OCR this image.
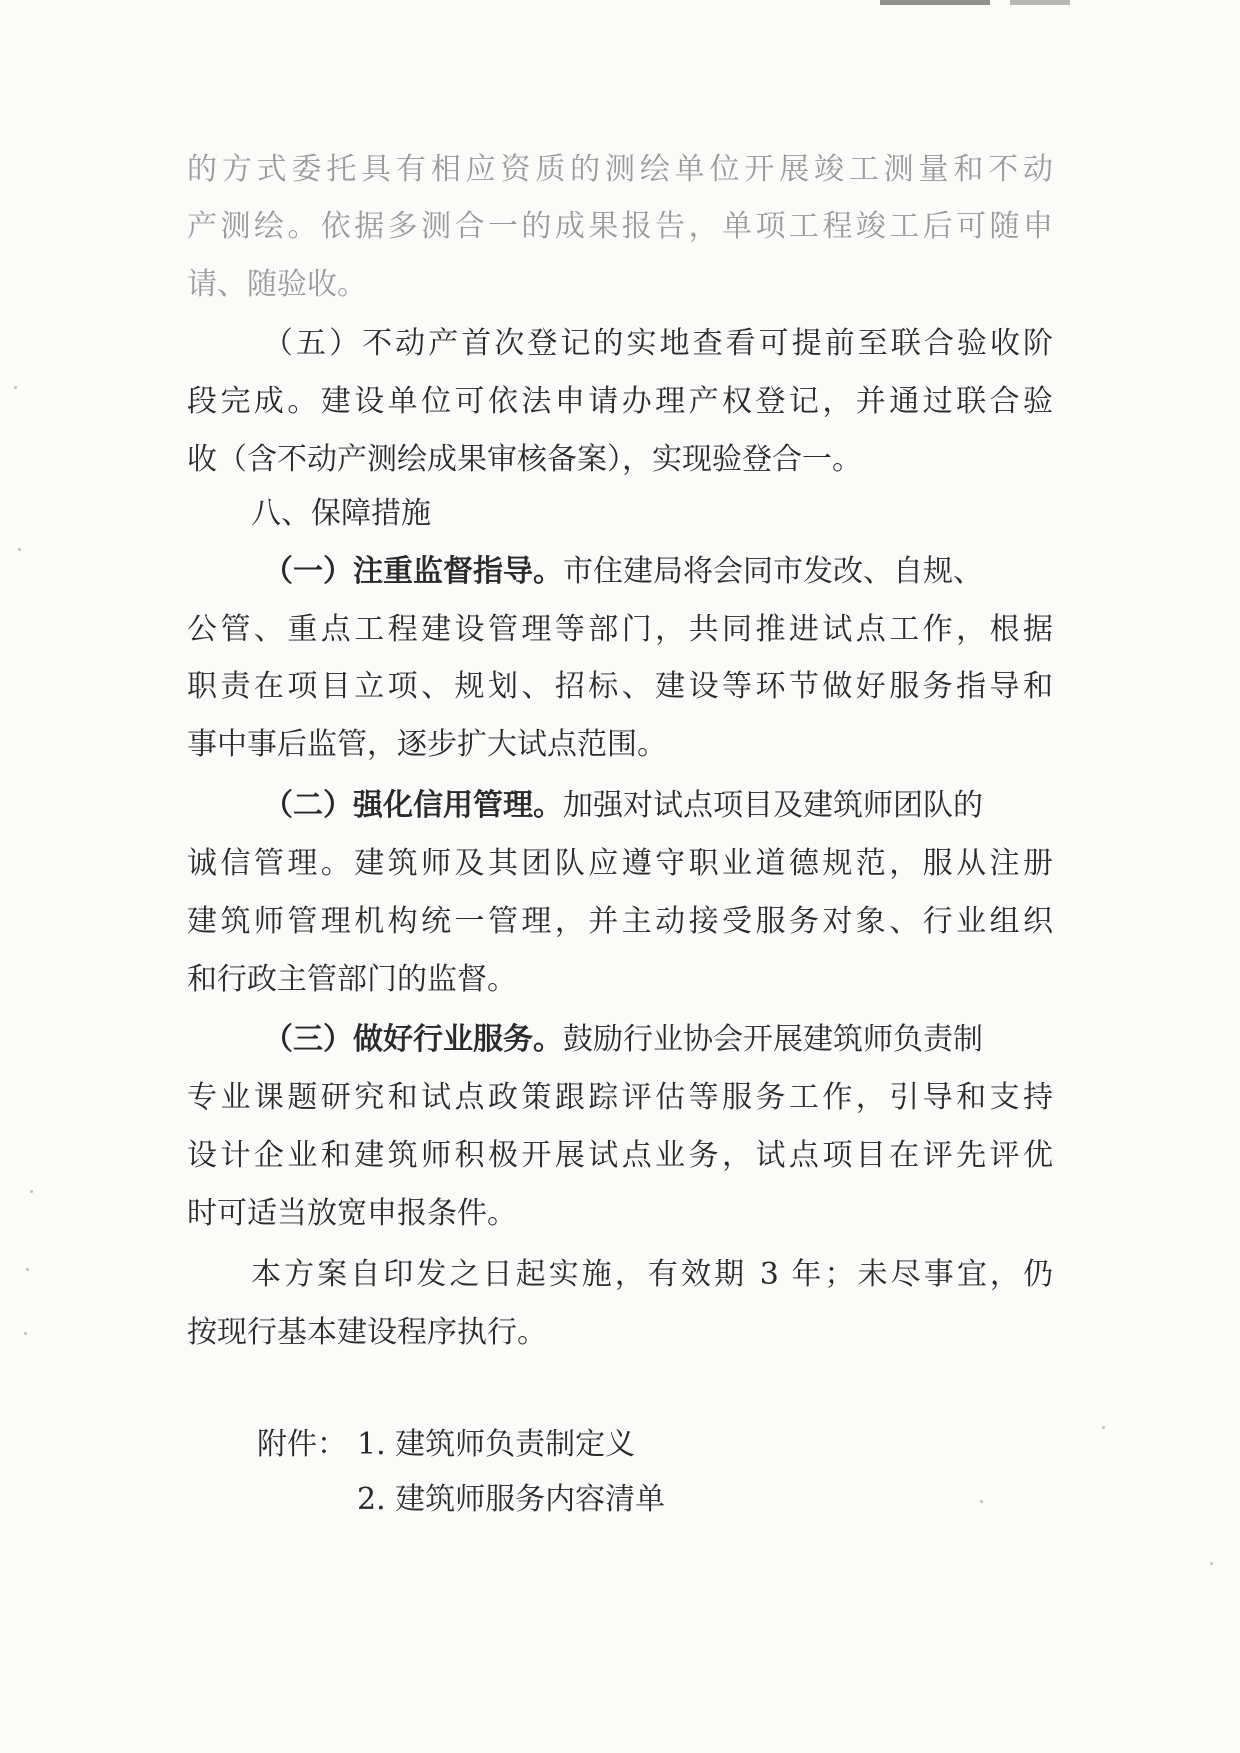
的方式委托具有相应资质的测绘单位开展竣工测量和不动
产测绘。依据多测合一的成果报告，单项工程竣工后可随申
请、随验收。
（五）不动产首次登记的实地查看可提前至联合验收阶
段完成。建设单位可依法申请办理产权登记，并通过联合验
收（含不动产测绘成果审核备案），实现验登合一。
八、保障措施
（一）注重监督指导。市住建局将会同市发改、自规、
公管、重点工程建设管理等部门，共同推进试点工作，根据
职责在项目立项、规划、招标、建设等环节做好服务指导和
事中事后监管，逐步扩大试点范围。
（二）强化信用管理。加强对试点项目及建筑师团队的
诚信管理。建筑师及其团队应遵守职业道德规范，服从注册
建筑师管理机构统一管理，并主动接受服务对象、行业组织
和行政主管部门的监督。
（三）做好行业服务。鼓励行业协会开展建筑师负责制
专业课题研究和试点政策跟踪评估等服务工作，引导和支持
设计企业和建筑师积极开展试点业务，试点项目在评先评优
时可适当放宽申报条件。
本方案自印发之日起实施，有效期 3 年；未尽事宜，仍
按现行基本建设程序执行。
附件： 1. 建筑师负责制定义
2. 建筑师服务内容清单
